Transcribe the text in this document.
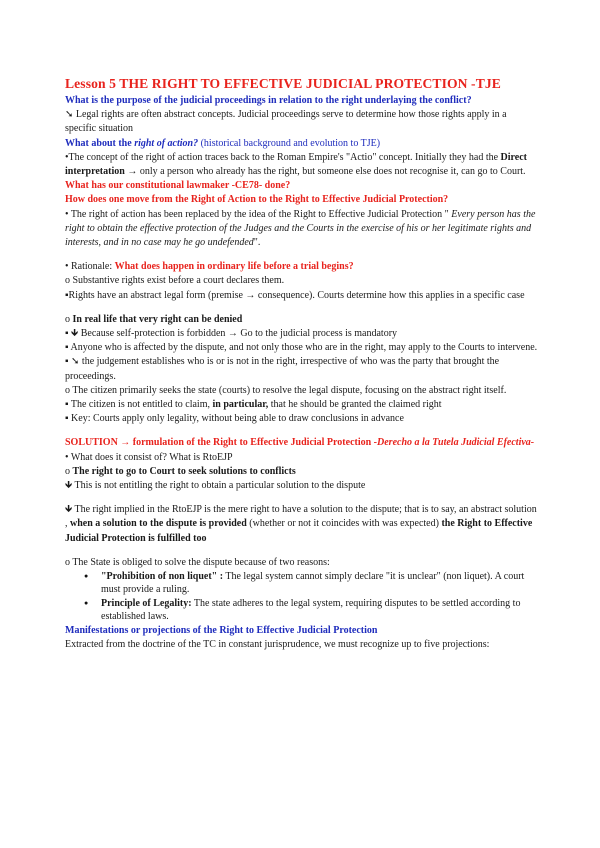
Lesson 5 THE RIGHT TO EFFECTIVE JUDICIAL PROTECTION -TJE

What is the purpose of the judicial proceedings in relation to the right underlaying the conflict?

➘ Legal rights are often abstract concepts. Judicial proceedings serve to determine how those rights apply in a specific situation

What about the right of action? (historical background and evolution to TJE)

•The concept of the right of action traces back to the Roman Empire's "Actio" concept. Initially they had the Direct interpretation → only a person who already has the right, but someone else does not recognise it, can go to Court.

What has our constitutional lawmaker -CE78- done?

How does one move from the Right of Action to the Right to Effective Judicial Protection?

• The right of action has been replaced by the idea of the Right to Effective Judicial Protection " Every person has the right to obtain the effective protection of the Judges and the Courts in the exercise of his or her legitimate rights and interests, and in no case may he go undefended".

• Rationale: What does happen in ordinary life before a trial begins?

o Substantive rights exist before a court declares them.

▪Rights have an abstract legal form (premise → consequence). Courts determine how this applies in a specific case

o In real life that very right can be denied

▪ 🡻 Because self-protection is forbidden → Go to the judicial process is mandatory

▪ Anyone who is affected by the dispute, and not only those who are in the right, may apply to the Courts to intervene.

▪ ➘ the judgement establishes who is or is not in the right, irrespective of who was the party that brought the proceedings.

o The citizen primarily seeks the state (courts) to resolve the legal dispute, focusing on the abstract right itself.

▪ The citizen is not entitled to claim, in particular, that he should be granted the claimed right

▪ Key: Courts apply only legality, without being able to draw conclusions in advance

SOLUTION → formulation of the Right to Effective Judicial Protection -Derecho a la Tutela Judicial Efectiva-

• What does it consist of? What is RtoEJP

o The right to go to Court to seek solutions to conflicts

🡻 This is not entitling the right to obtain a particular solution to the dispute

🡻 The right implied in the RtoEJP is the mere right to have a solution to the dispute; that is to say, an abstract solution , when a solution to the dispute is provided (whether or not it coincides with was expected) the Right to Effective Judicial Protection is fulfilled too

o The State is obliged to solve the dispute because of two reasons:

● "Prohibition of non liquet" : The legal system cannot simply declare "it is unclear" (non liquet). A court must provide a ruling.
● Principle of Legality: The state adheres to the legal system, requiring disputes to be settled according to established laws.

Manifestations or projections of the Right to Effective Judicial Protection

Extracted from the doctrine of the TC in constant jurisprudence, we must recognize up to five projections:
